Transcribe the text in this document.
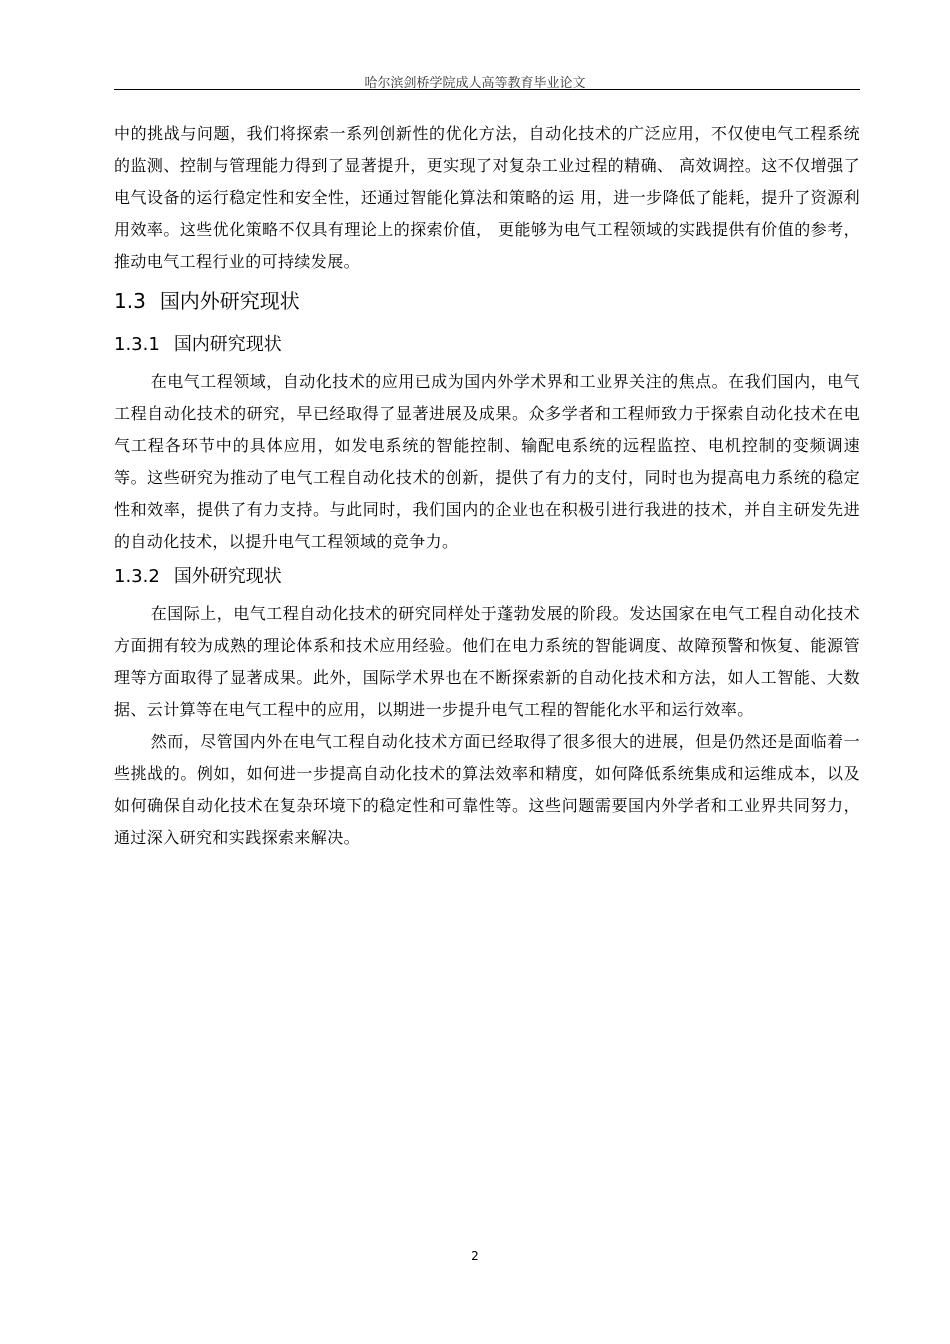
哈尔滨剑桥学院成人高等教育毕业论文

中的挑战与问题，我们将探索一系列创新性的优化方法，自动化技术的广泛应用，不仅使电气工程系统的监测、控制与管理能力得到了显著提升，更实现了对复杂工业过程的精确、 高效调控。这不仅增强了电气设备的运行稳定性和安全性，还通过智能化算法和策略的运 用，进一步降低了能耗，提升了资源利用效率。这些优化策略不仅具有理论上的探索价值， 更能够为电气工程领域的实践提供有价值的参考，推动电气工程行业的可持续发展。

1.3 国内外研究现状
1.3.1 国内研究现状

在电气工程领域，自动化技术的应用已成为国内外学术界和工业界关注的焦点。在我们国内，电气工程自动化技术的研究，早已经取得了显著进展及成果。众多学者和工程师致力于探索自动化技术在电气工程各环节中的具体应用，如发电系统的智能控制、输配电系统的远程监控、电机控制的变频调速等。这些研究为推动了电气工程自动化技术的创新，提供了有力的支付，同时也为提高电力系统的稳定性和效率，提供了有力支持。与此同时，我们国内的企业也在积极引进行我进的技术，并自主研发先进的自动化技术，以提升电气工程领域的竞争力。

1.3.2 国外研究现状

在国际上，电气工程自动化技术的研究同样处于蓬勃发展的阶段。发达国家在电气工程自动化技术方面拥有较为成熟的理论体系和技术应用经验。他们在电力系统的智能调度、故障预警和恢复、能源管理等方面取得了显著成果。此外，国际学术界也在不断探索新的自动化技术和方法，如人工智能、大数据、云计算等在电气工程中的应用，以期进一步提升电气工程的智能化水平和运行效率。

然而，尽管国内外在电气工程自动化技术方面已经取得了很多很大的进展，但是仍然还是面临着一些挑战的。例如，如何进一步提高自动化技术的算法效率和精度，如何降低系统集成和运维成本，以及如何确保自动化技术在复杂环境下的稳定性和可靠性等。这些问题需要国内外学者和工业界共同努力，通过深入研究和实践探索来解决。

2
